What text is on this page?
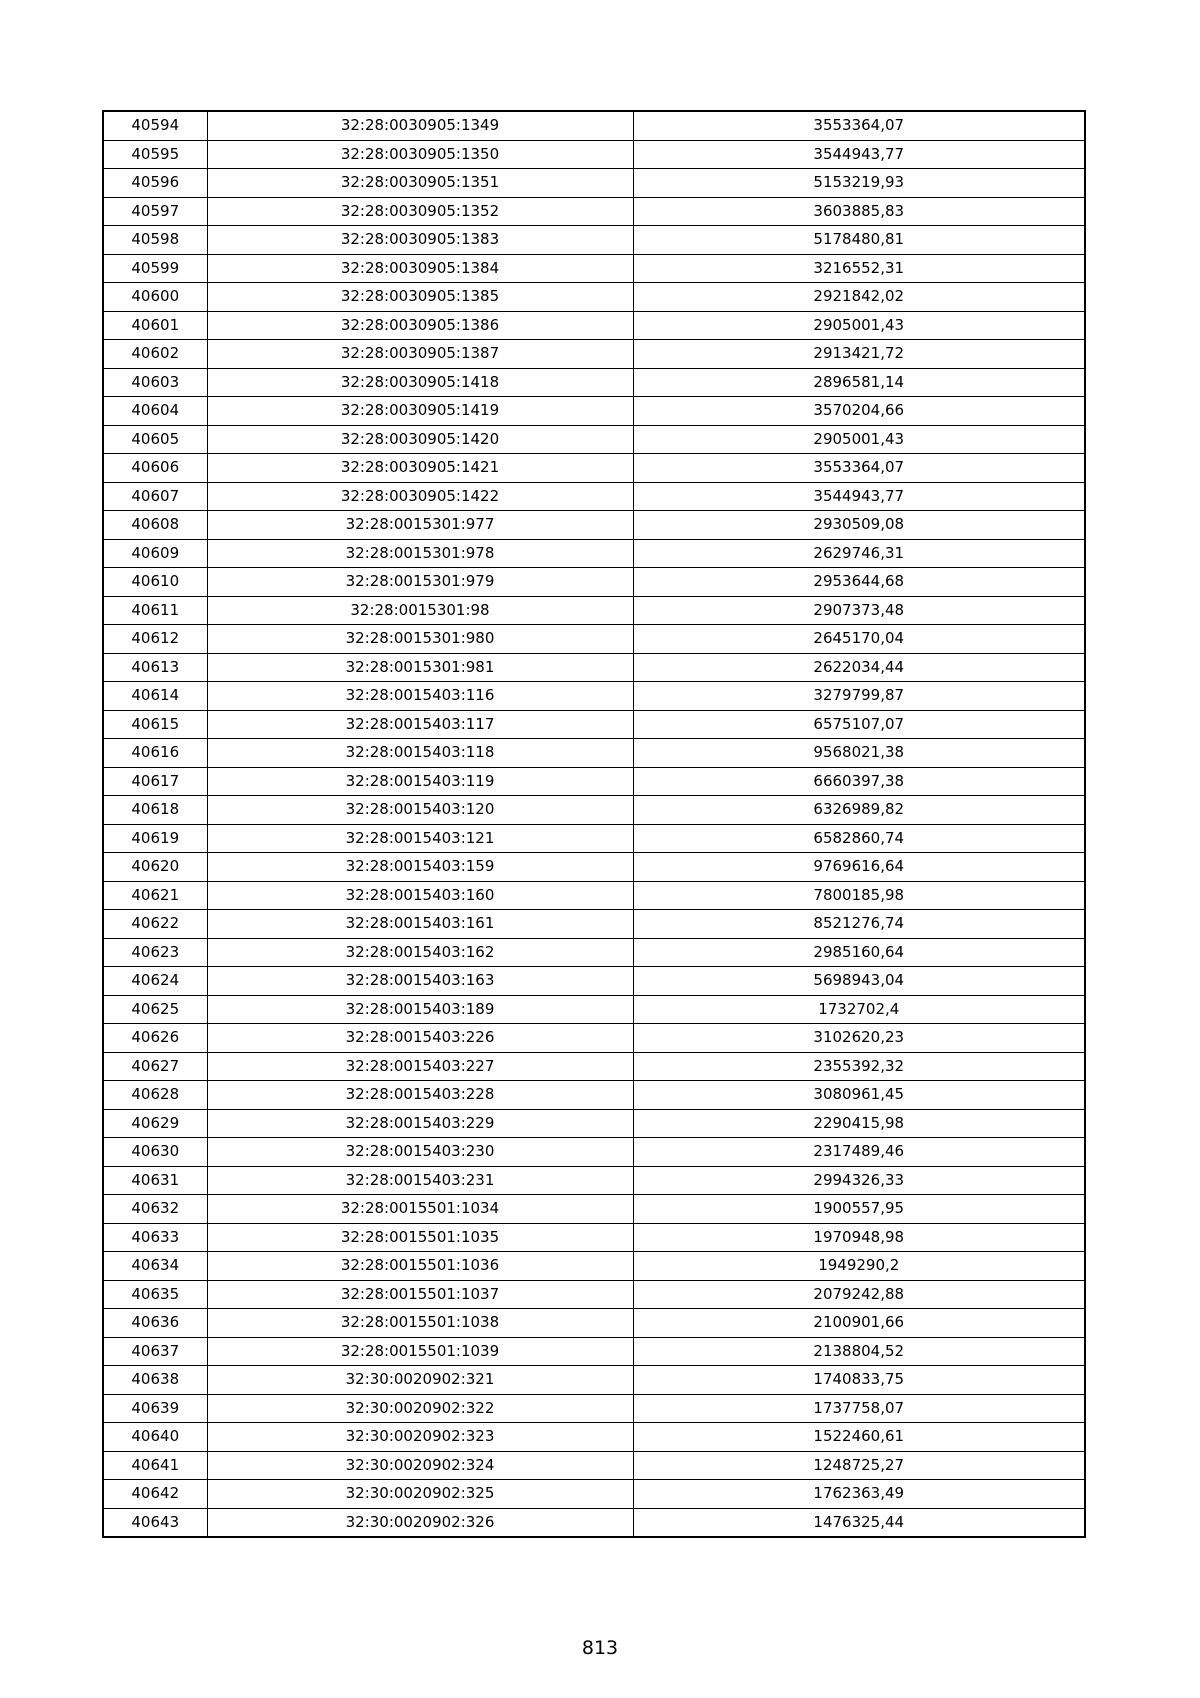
40594	32:28:0030905:1349	3553364,07
40595	32:28:0030905:1350	3544943,77
40596	32:28:0030905:1351	5153219,93
40597	32:28:0030905:1352	3603885,83
40598	32:28:0030905:1383	5178480,81
40599	32:28:0030905:1384	3216552,31
40600	32:28:0030905:1385	2921842,02
40601	32:28:0030905:1386	2905001,43
40602	32:28:0030905:1387	2913421,72
40603	32:28:0030905:1418	2896581,14
40604	32:28:0030905:1419	3570204,66
40605	32:28:0030905:1420	2905001,43
40606	32:28:0030905:1421	3553364,07
40607	32:28:0030905:1422	3544943,77
40608	32:28:0015301:977	2930509,08
40609	32:28:0015301:978	2629746,31
40610	32:28:0015301:979	2953644,68
40611	32:28:0015301:98	2907373,48
40612	32:28:0015301:980	2645170,04
40613	32:28:0015301:981	2622034,44
40614	32:28:0015403:116	3279799,87
40615	32:28:0015403:117	6575107,07
40616	32:28:0015403:118	9568021,38
40617	32:28:0015403:119	6660397,38
40618	32:28:0015403:120	6326989,82
40619	32:28:0015403:121	6582860,74
40620	32:28:0015403:159	9769616,64
40621	32:28:0015403:160	7800185,98
40622	32:28:0015403:161	8521276,74
40623	32:28:0015403:162	2985160,64
40624	32:28:0015403:163	5698943,04
40625	32:28:0015403:189	1732702,4
40626	32:28:0015403:226	3102620,23
40627	32:28:0015403:227	2355392,32
40628	32:28:0015403:228	3080961,45
40629	32:28:0015403:229	2290415,98
40630	32:28:0015403:230	2317489,46
40631	32:28:0015403:231	2994326,33
40632	32:28:0015501:1034	1900557,95
40633	32:28:0015501:1035	1970948,98
40634	32:28:0015501:1036	1949290,2
40635	32:28:0015501:1037	2079242,88
40636	32:28:0015501:1038	2100901,66
40637	32:28:0015501:1039	2138804,52
40638	32:30:0020902:321	1740833,75
40639	32:30:0020902:322	1737758,07
40640	32:30:0020902:323	1522460,61
40641	32:30:0020902:324	1248725,27
40642	32:30:0020902:325	1762363,49
40643	32:30:0020902:326	1476325,44
813
